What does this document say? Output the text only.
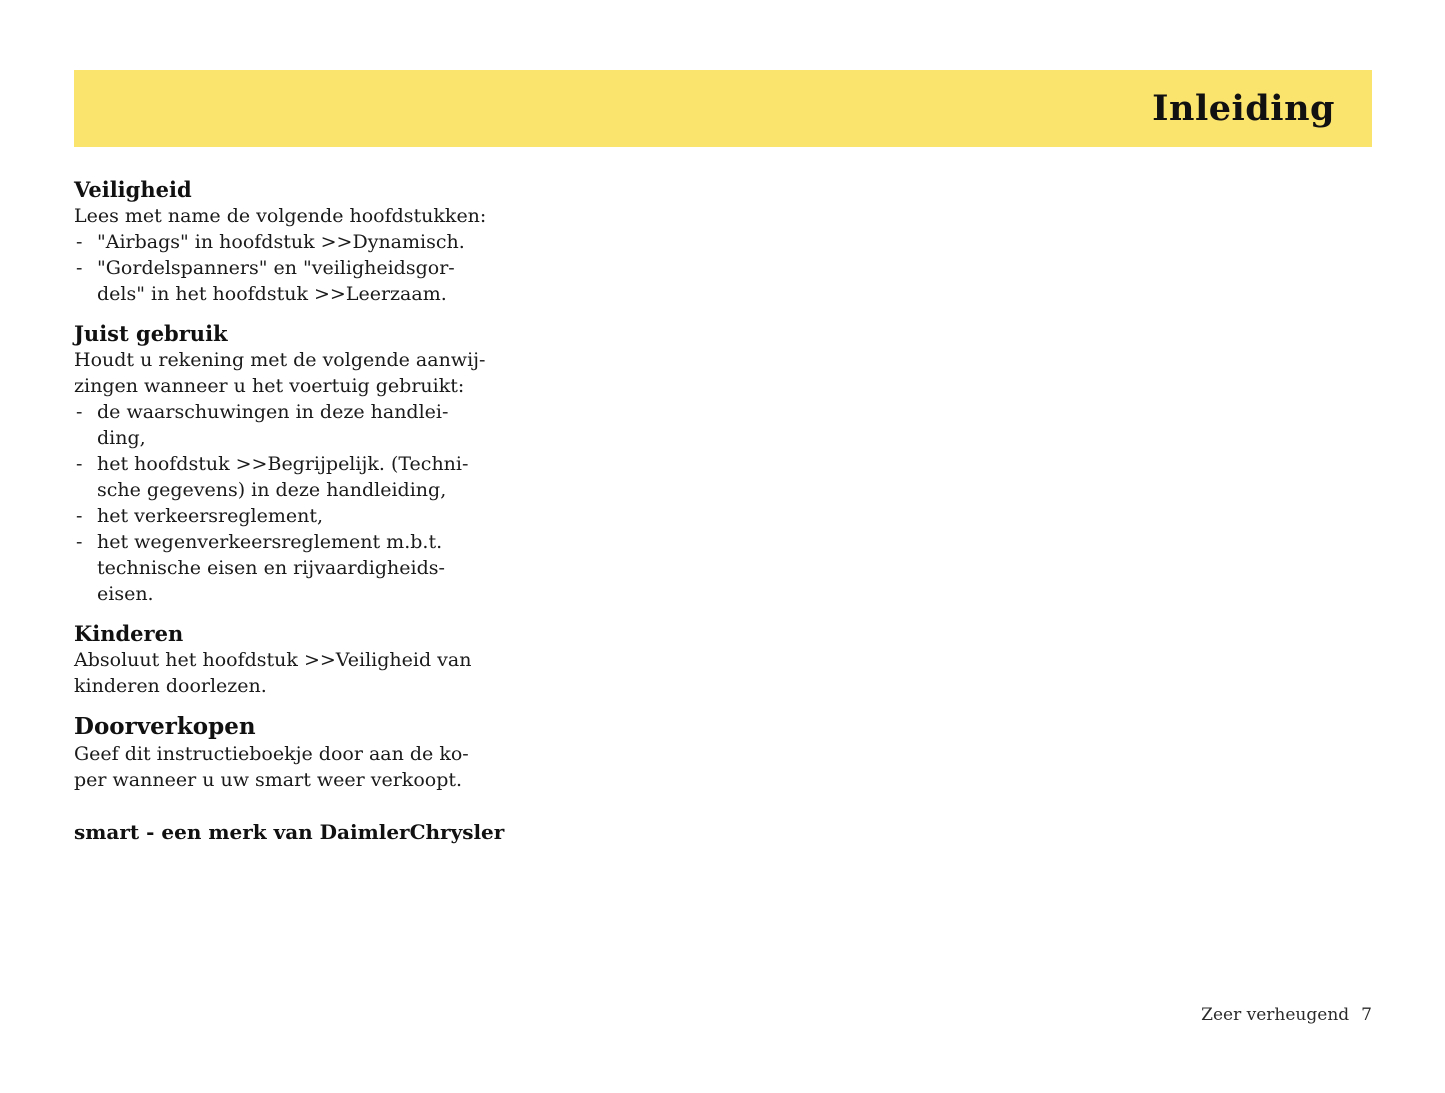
Inleiding
Veiligheid
Lees met name de volgende hoofdstukken:
- "Airbags" in hoofdstuk >>Dynamisch.
- "Gordelspanners" en "veiligheidsgor-
dels" in het hoofdstuk >>Leerzaam.
Juist gebruik
Houdt u rekening met de volgende aanwij-
zingen wanneer u het voertuig gebruikt:
- de waarschuwingen in deze handlei-
ding,
- het hoofdstuk >>Begrijpelijk. (Techni-
sche gegevens) in deze handleiding,
- het verkeersreglement,
- het wegenverkeersreglement m.b.t.
technische eisen en rijvaardigheids-
eisen.
Kinderen
Absoluut het hoofdstuk >>Veiligheid van
kinderen doorlezen.
Doorverkopen
Geef dit instructieboekje door aan de ko-
per wanneer u uw smart weer verkoopt.

smart - een merk van DaimlerChrysler

Zeer verheugend 7
